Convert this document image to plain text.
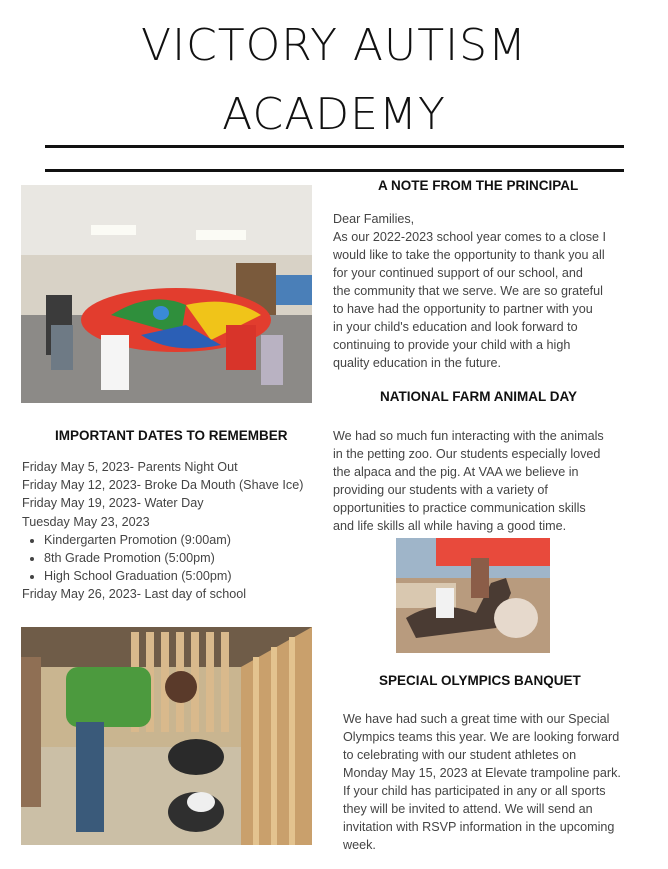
VICTORY AUTISM
ACADEMY
A NOTE FROM THE PRINCIPAL
Dear Families,
As our 2022-2023 school year comes to a close I
would like to take the opportunity to thank you all
for your continued support of our school, and
the community that we serve. We are so grateful
to have had the opportunity to partner with you
in your child's education and look forward to
continuing to provide your child with a high
quality education in the future.
NATIONAL FARM ANIMAL DAY
We had so much fun interacting with the animals
in the petting zoo. Our students especially loved
the alpaca and the pig. At VAA we believe in
providing our students with a variety of
opportunities to practice communication skills
and life skills all while having a good time.
IMPORTANT DATES TO REMEMBER
Friday May 5, 2023- Parents Night Out
Friday May 12, 2023- Broke Da Mouth (Shave Ice)
Friday May 19, 2023- Water Day
Tuesday May 23, 2023
• Kindergarten Promotion (9:00am)
• 8th Grade Promotion (5:00pm)
• High School Graduation (5:00pm)
Friday May 26, 2023- Last day of school
SPECIAL OLYMPICS BANQUET
We have had such a great time with our Special
Olympics teams this year. We are looking forward
to celebrating with our student athletes on
Monday May 15, 2023 at Elevate trampoline park.
If your child has participated in any or all sports
they will be invited to attend. We will send an
invitation with RSVP information in the upcoming
week.
